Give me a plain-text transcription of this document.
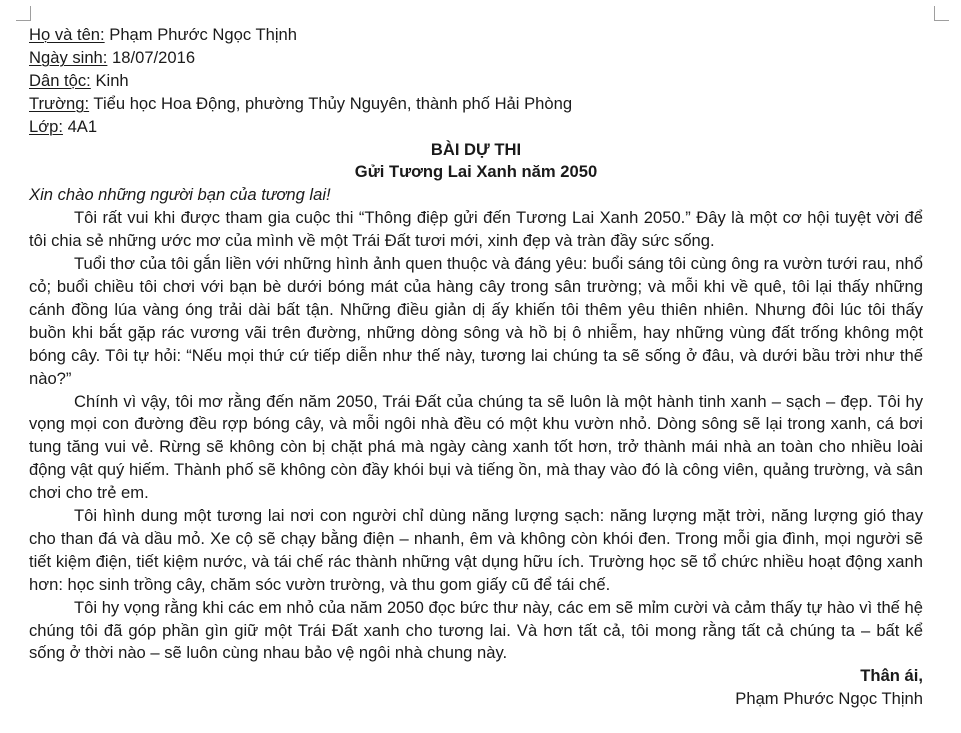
Họ và tên: Phạm Phước Ngọc Thịnh
Ngày sinh: 18/07/2016
Dân tộc: Kinh
Trường: Tiểu học Hoa Động, phường Thủy Nguyên, thành phố Hải Phòng
Lớp: 4A1
BÀI DỰ THI
Gửi Tương Lai Xanh năm 2050
Xin chào những người bạn của tương lai!
Tôi rất vui khi được tham gia cuộc thi “Thông điệp gửi đến Tương Lai Xanh 2050.” Đây là một cơ hội tuyệt vời để tôi chia sẻ những ước mơ của mình về một Trái Đất tươi mới, xinh đẹp và tràn đầy sức sống.
Tuổi thơ của tôi gắn liền với những hình ảnh quen thuộc và đáng yêu: buổi sáng tôi cùng ông ra vườn tưới rau, nhổ cỏ; buổi chiều tôi chơi với bạn bè dưới bóng mát của hàng cây trong sân trường; và mỗi khi về quê, tôi lại thấy những cánh đồng lúa vàng óng trải dài bất tận. Những điều giản dị ấy khiến tôi thêm yêu thiên nhiên. Nhưng đôi lúc tôi thấy buồn khi bắt gặp rác vương vãi trên đường, những dòng sông và hồ bị ô nhiễm, hay những vùng đất trống không một bóng cây. Tôi tự hỏi: “Nếu mọi thứ cứ tiếp diễn như thế này, tương lai chúng ta sẽ sống ở đâu, và dưới bầu trời như thế nào?”
Chính vì vậy, tôi mơ rằng đến năm 2050, Trái Đất của chúng ta sẽ luôn là một hành tinh xanh – sạch – đẹp. Tôi hy vọng mọi con đường đều rợp bóng cây, và mỗi ngôi nhà đều có một khu vườn nhỏ. Dòng sông sẽ lại trong xanh, cá bơi tung tăng vui vẻ. Rừng sẽ không còn bị chặt phá mà ngày càng xanh tốt hơn, trở thành mái nhà an toàn cho nhiều loài động vật quý hiếm. Thành phố sẽ không còn đầy khói bụi và tiếng ồn, mà thay vào đó là công viên, quảng trường, và sân chơi cho trẻ em.
Tôi hình dung một tương lai nơi con người chỉ dùng năng lượng sạch: năng lượng mặt trời, năng lượng gió thay cho than đá và dầu mỏ. Xe cộ sẽ chạy bằng điện – nhanh, êm và không còn khói đen. Trong mỗi gia đình, mọi người sẽ tiết kiệm điện, tiết kiệm nước, và tái chế rác thành những vật dụng hữu ích. Trường học sẽ tổ chức nhiều hoạt động xanh hơn: học sinh trồng cây, chăm sóc vườn trường, và thu gom giấy cũ để tái chế.
Tôi hy vọng rằng khi các em nhỏ của năm 2050 đọc bức thư này, các em sẽ mỉm cười và cảm thấy tự hào vì thế hệ chúng tôi đã góp phần gìn giữ một Trái Đất xanh cho tương lai. Và hơn tất cả, tôi mong rằng tất cả chúng ta – bất kể sống ở thời nào – sẽ luôn cùng nhau bảo vệ ngôi nhà chung này.
Thân ái,
Phạm Phước Ngọc Thịnh
